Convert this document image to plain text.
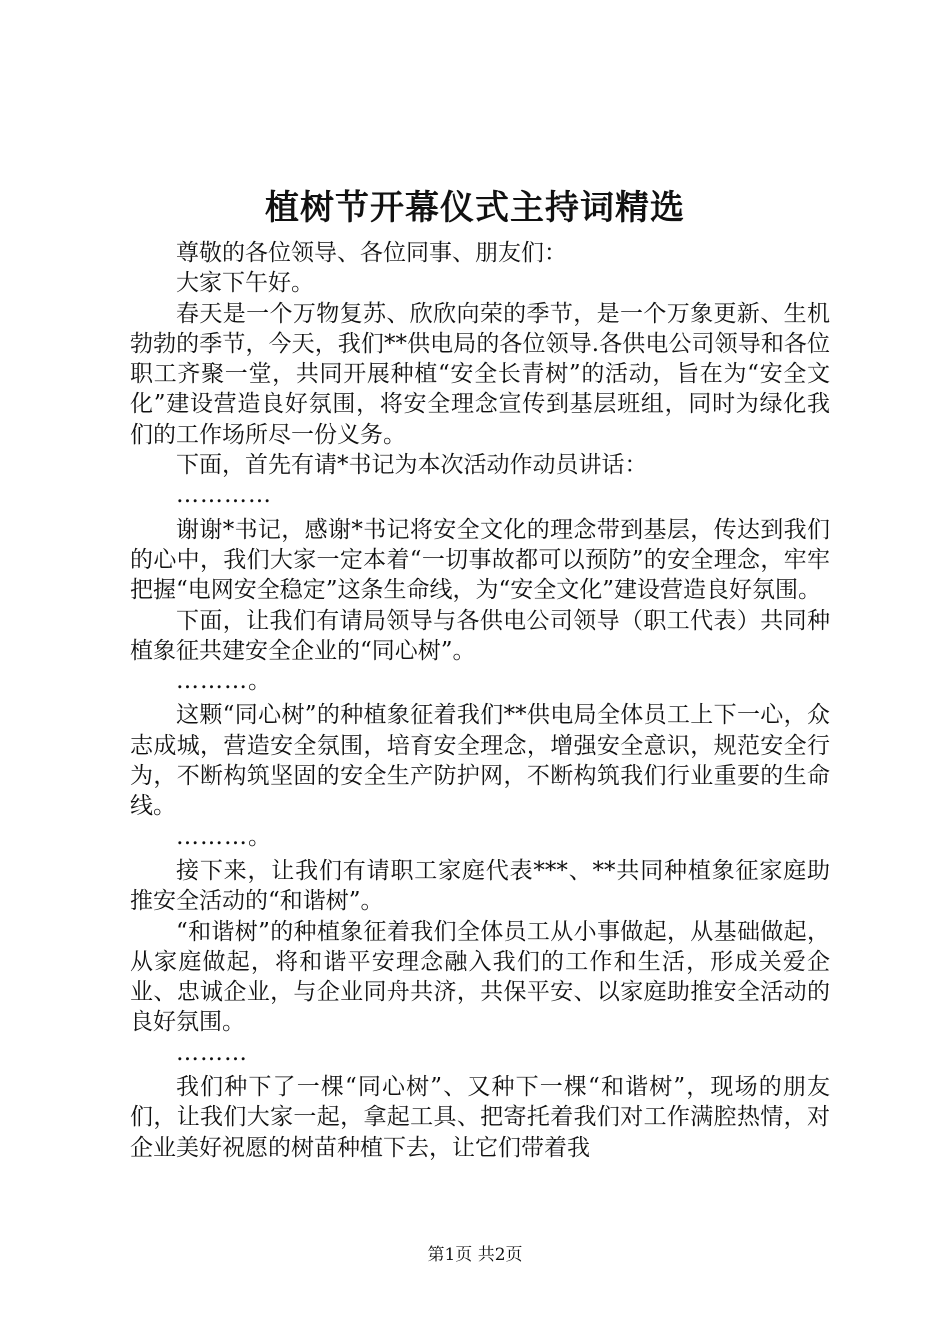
植树节开幕仪式主持词精选

尊敬的各位领导、各位同事、朋友们：

大家下午好。

春天是一个万物复苏、欣欣向荣的季节，是一个万象更新、生机勃勃的季节，今天，我们**供电局的各位领导.各供电公司领导和各位职工齐聚一堂，共同开展种植“安全长青树”的活动，旨在为“安全文化”建设营造良好氛围，将安全理念宣传到基层班组，同时为绿化我们的工作场所尽一份义务。

下面，首先有请*书记为本次活动作动员讲话：

…………

谢谢*书记，感谢*书记将安全文化的理念带到基层，传达到我们的心中，我们大家一定本着“一切事故都可以预防”的安全理念，牢牢把握“电网安全稳定”这条生命线，为“安全文化”建设营造良好氛围。

下面，让我们有请局领导与各供电公司领导（职工代表）共同种植象征共建安全企业的“同心树”。

………。

这颗“同心树”的种植象征着我们**供电局全体员工上下一心，众志成城，营造安全氛围，培育安全理念，增强安全意识，规范安全行为，不断构筑坚固的安全生产防护网，不断构筑我们行业重要的生命线。

………。

接下来，让我们有请职工家庭代表***、**共同种植象征家庭助推安全活动的“和谐树”。

“和谐树”的种植象征着我们全体员工从小事做起，从基础做起，从家庭做起，将和谐平安理念融入我们的工作和生活，形成关爱企业、忠诚企业，与企业同舟共济，共保平安、以家庭助推安全活动的良好氛围。

………

我们种下了一棵“同心树”、又种下一棵“和谐树”，现场的朋友们，让我们大家一起，拿起工具、把寄托着我们对工作满腔热情，对企业美好祝愿的树苗种植下去，让它们带着我

第1页 共2页
